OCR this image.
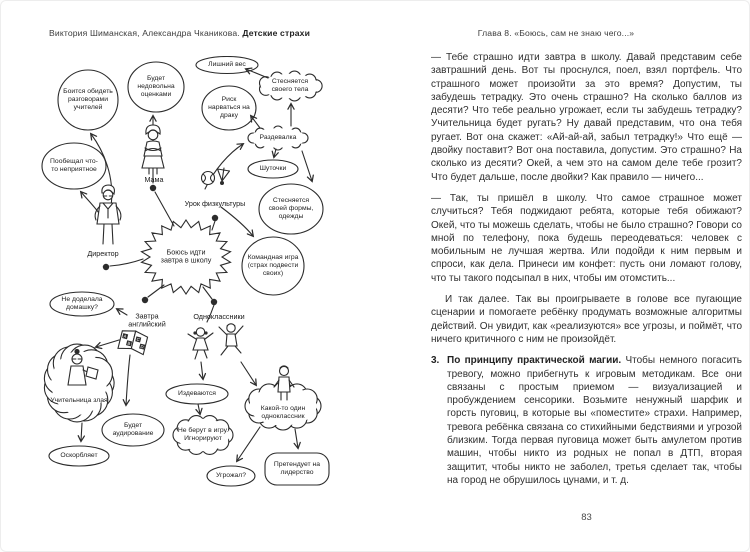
Виктория Шиманская, Александра Чканикова. Детские страхи	Глава 8. «Боюсь, сам не знаю чего...»
A
B
C
D
Боится обидеть разговорами учителей
Будет недовольна оценками
Лишний вес
Стесняется своего тела
Пообещал что-то неприятное
Риск нарваться на драку
Раздевалка
Шуточки
Стесняется своей формы, одежды
Командная игра (страх подвести своих)
Не доделала домашку?
Учительница злая
Будет аудирование
Оскорбляет
Издеваются
Не берут в игру. Игнорируют
Какой-то один одноклассник
Угрожал?
Претендует на лидерство
Боюсь идти завтра в школу
Мама
Урок физкультуры
Директор
Завтра английский
Одноклассники

— Тебе страшно идти завтра в школу. Давай представим себе завтрашний день. Вот ты проснулся, поел, взял портфель. Что страшного может произойти за это время? Допустим, ты забудешь тетрадку. Это очень страшно? На сколько баллов из десяти? Что тебе реально угрожает, если ты забудешь тетрадку? Учительница будет ругать? Ну давай представим, что она тебя ругает. Вот она скажет: «Ай-ай-ай, забыл тетрадку!» Что ещё — двойку поставит? Вот она поставила, допустим. Это страшно? На сколько из десяти? Окей, а чем это на самом деле тебе грозит? Что будет дальше, после двойки? Как правило — ничего...

— Так, ты пришёл в школу. Что самое страшное может случиться? Тебя поджидают ребята, которые тебя обижают? Окей, что ты можешь сделать, чтобы не было страшно? Говори со мной по телефону, пока будешь переодеваться: человек с мобильным не лучшая жертва. Или подойди к ним первым и спроси, как дела. Принеси им конфет: пусть они ломают голову, что ты такого подсыпал в них, чтобы им отомстить...

И так далее. Так вы проигрываете в голове все пугающие сценарии и помогаете ребёнку продумать возможные алгоритмы действий. Он увидит, как «реализуются» все угрозы, и поймёт, что ничего критичного с ним не произойдёт.

3. По принципу практической магии. Чтобы немного погасить тревогу, можно прибегнуть к игровым методикам. Все они связаны с простым приемом — визуализацией и пробуждением сенсорики. Возьмите ненужный шарфик и горсть пуговиц, в которые вы «поместите» страхи. Например, тревога ребёнка связана со стихийными бедствиями и угрозой близким. Тогда первая пуговица может быть амулетом против машин, чтобы никто из родных не попал в ДТП, вторая защитит, чтобы никто не заболел, третья сделает так, чтобы на город не обрушилось цунами, и т. д.

83
